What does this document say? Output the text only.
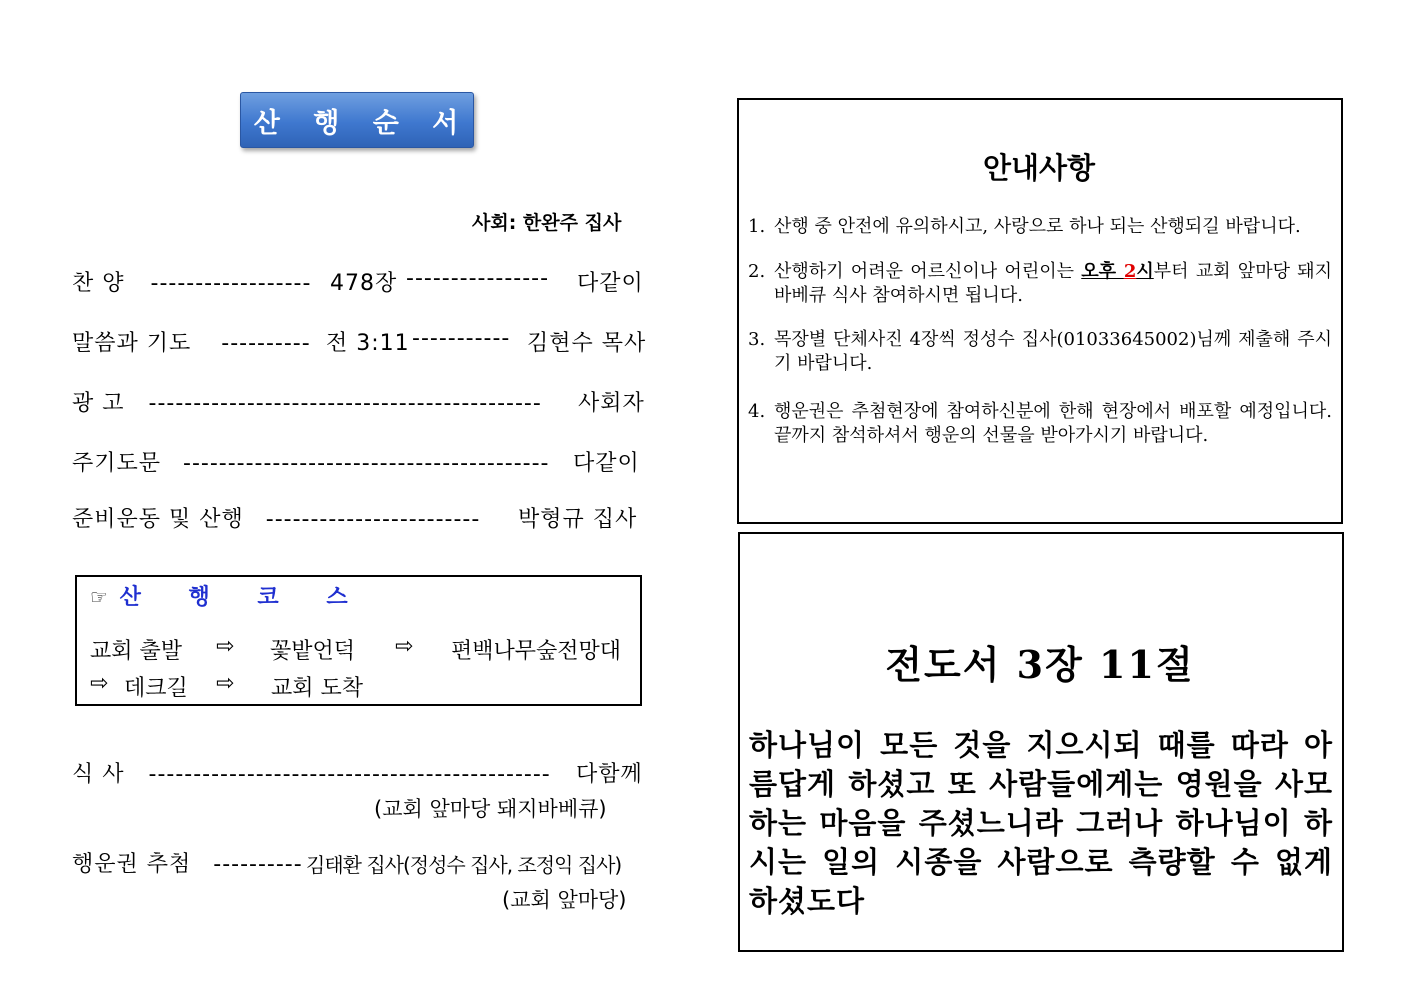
산 행 순 서
사회: 한완주 집사
찬 양 ------------------ 478장 ---------------- 다같이
말씀과 기도 ---------- 전 3:11 ----------- 김현수 목사
광 고 -------------------------------------------- 사회자
주기도문 ----------------------------------------- 다같이
준비운동 및 산행 ------------------------ 박형규 집사
☞ 산 행 코 스
교회 출발 ⇨ 꽃밭언덕 ⇨ 편백나무숲전망대
⇨ 데크길 ⇨ 교회 도착
식 사 --------------------------------------------- 다함께
(교회 앞마당 돼지바베큐)
행운권 추첨 ---------- 김태환 집사(정성수 집사, 조정익 집사)
(교회 앞마당)
안내사항
1. 산행 중 안전에 유의하시고, 사랑으로 하나 되는 산행되길 바랍니다.
2. 산행하기 어려운 어르신이나 어린이는 오후 2시부터 교회 앞마당 돼지바베큐 식사 참여하시면 됩니다.
3. 목장별 단체사진 4장씩 정성수 집사(01033645002)님께 제출해 주시기 바랍니다.
4. 행운권은 추첨현장에 참여하신분에 한해 현장에서 배포할 예정입니다. 끝까지 참석하셔서 행운의 선물을 받아가시기 바랍니다.
전도서 3장 11절
하나님이 모든 것을 지으시되 때를 따라 아름답게 하셨고 또 사람들에게는 영원을 사모하는 마음을 주셨느니라 그러나 하나님이 하시는 일의 시종을 사람으로 측량할 수 없게 하셨도다
